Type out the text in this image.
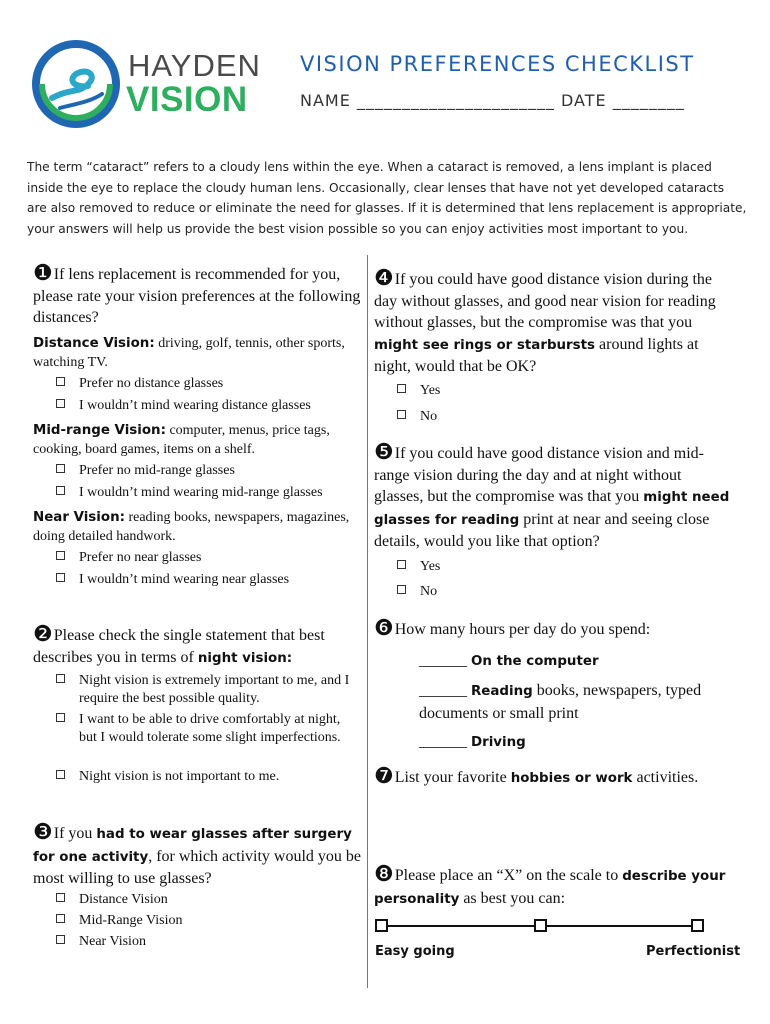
HAYDEN
VISION
VISION PREFERENCES CHECKLIST
NAME ______________________ DATE ________
The term “cataract” refers to a cloudy lens within the eye. When a cataract is removed, a lens implant is placed inside the eye to replace the cloudy human lens. Occasionally, clear lenses that have not yet developed cataracts are also removed to reduce or eliminate the need for glasses. If it is determined that lens replacement is appropriate, your answers will help us provide the best vision possible so you can enjoy activities most important to you.
❶If lens replacement is recommended for you, please rate your vision preferences at the following distances?
Distance Vision: driving, golf, tennis, other sports, watching TV.
Prefer no distance glasses
I wouldn’t mind wearing distance glasses
Mid-range Vision: computer, menus, price tags, cooking, board games, items on a shelf.
Prefer no mid-range glasses
I wouldn’t mind wearing mid-range glasses
Near Vision: reading books, newspapers, magazines, doing detailed handwork.
Prefer no near glasses
I wouldn’t mind wearing near glasses
❷Please check the single statement that best describes you in terms of night vision:
Night vision is extremely important to me, and I require the best possible quality.
I want to be able to drive comfortably at night, but I would tolerate some slight imperfections.
Night vision is not important to me.
❸If you had to wear glasses after surgery for one activity, for which activity would you be most willing to use glasses?
Distance Vision
Mid-Range Vision
Near Vision
❹If you could have good distance vision during the day without glasses, and good near vision for reading without glasses, but the compromise was that you might see rings or starbursts around lights at night, would that be OK?
Yes
No
❺If you could have good distance vision and mid-range vision during the day and at night without glasses, but the compromise was that you might need glasses for reading print at near and seeing close details, would you like that option?
Yes
No
❻How many hours per day do you spend:
______ On the computer
______ Reading books, newspapers, typed documents or small print
______ Driving
❼List your favorite hobbies or work activities.
❽Please place an “X” on the scale to describe your personality as best you can:
Easy going	Perfectionist
